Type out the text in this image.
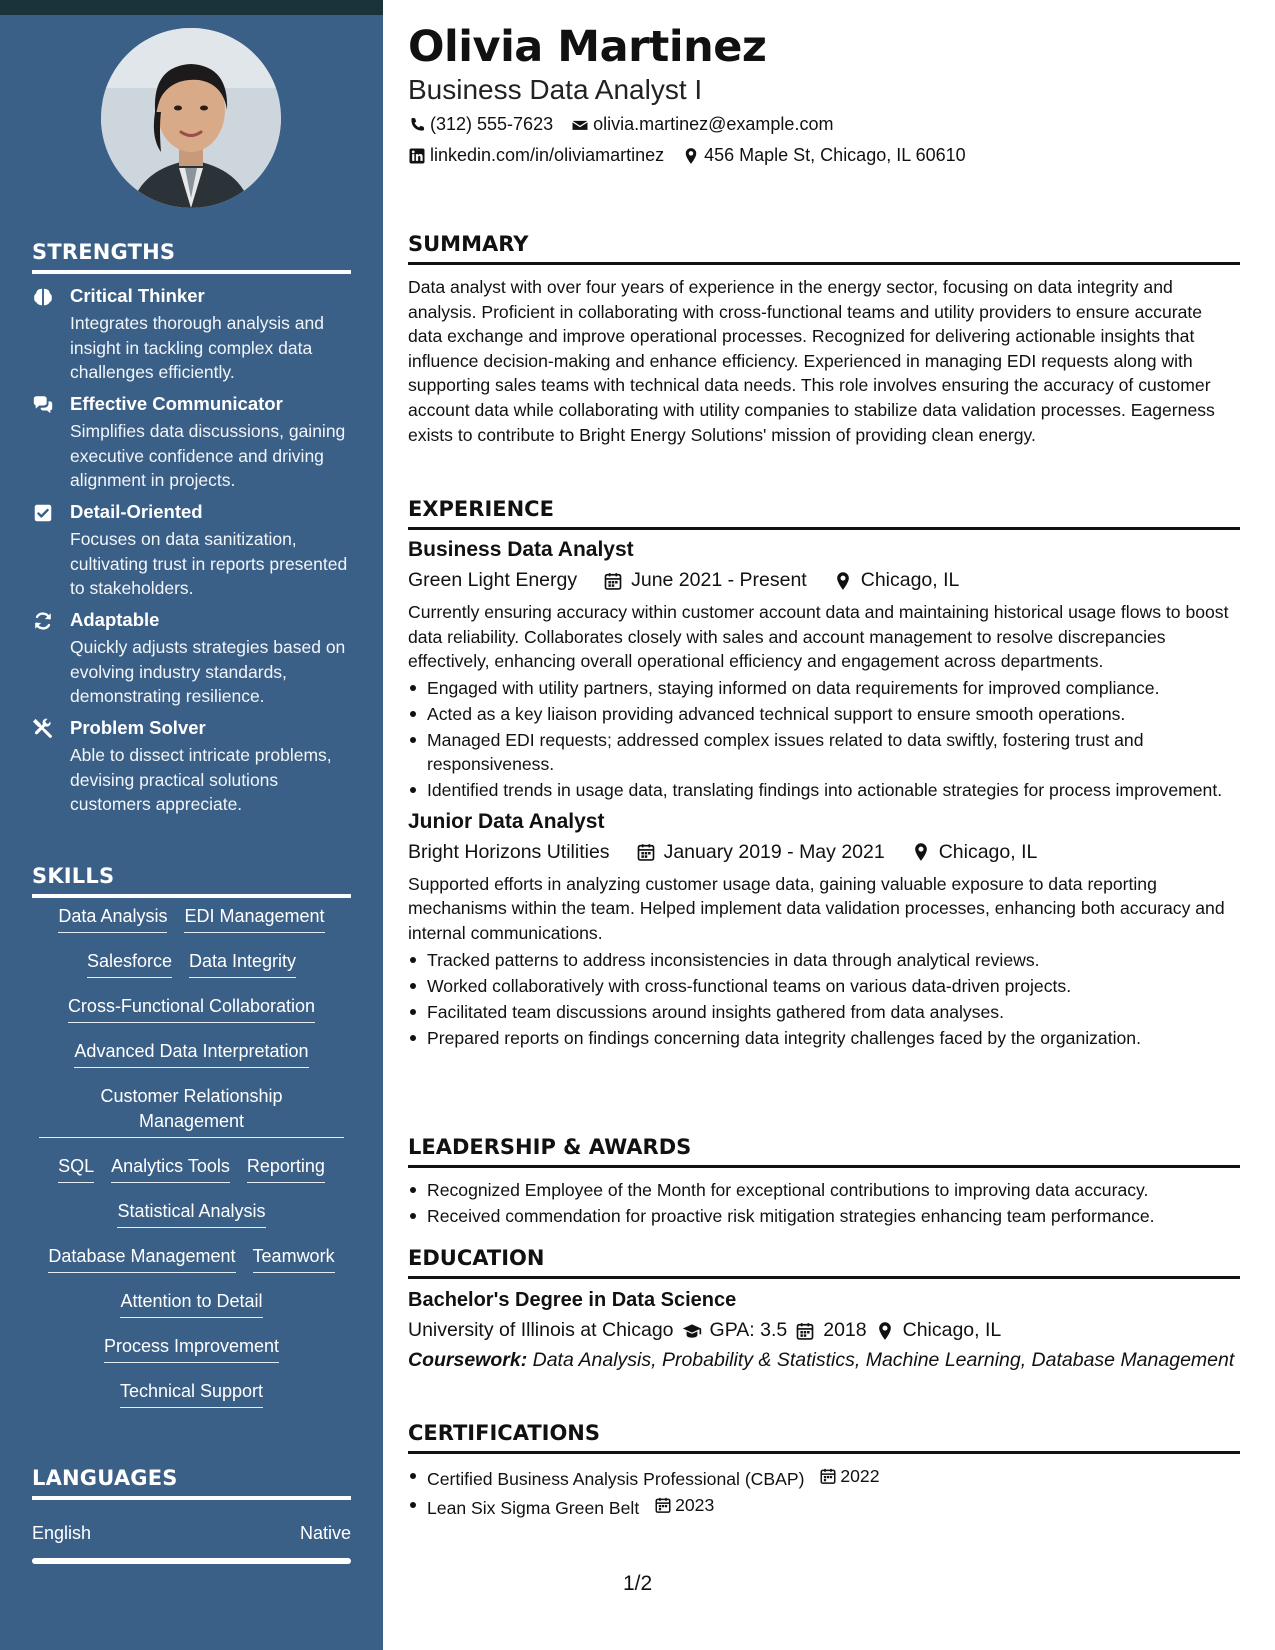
STRENGTHS
Critical Thinker
Integrates thorough analysis and insight in tackling complex data challenges efficiently.
Effective Communicator
Simplifies data discussions, gaining executive confidence and driving alignment in projects.
Detail-Oriented
Focuses on data sanitization, cultivating trust in reports presented to stakeholders.
Adaptable
Quickly adjusts strategies based on evolving industry standards, demonstrating resilience.
Problem Solver
Able to dissect intricate problems, devising practical solutions customers appreciate.
SKILLS
Data Analysis EDI Management
Salesforce Data Integrity
Cross-Functional Collaboration
Advanced Data Interpretation
Customer Relationship Management
SQL Analytics Tools Reporting
Statistical Analysis
Database Management Teamwork
Attention to Detail
Process Improvement
Technical Support
LANGUAGES
English	Native
Olivia Martinez
Business Data Analyst I
(312) 555-7623 olivia.martinez@example.com
linkedin.com/in/oliviamartinez 456 Maple St, Chicago, IL 60610
SUMMARY
Data analyst with over four years of experience in the energy sector, focusing on data integrity and analysis. Proficient in collaborating with cross-functional teams and utility providers to ensure accurate data exchange and improve operational processes. Recognized for delivering actionable insights that influence decision-making and enhance efficiency. Experienced in managing EDI requests along with supporting sales teams with technical data needs. This role involves ensuring the accuracy of customer account data while collaborating with utility companies to stabilize data validation processes. Eagerness exists to contribute to Bright Energy Solutions' mission of providing clean energy.
EXPERIENCE
Business Data Analyst
Green Light Energy	June 2021 - Present	Chicago, IL
Currently ensuring accuracy within customer account data and maintaining historical usage flows to boost data reliability. Collaborates closely with sales and account management to resolve discrepancies effectively, enhancing overall operational efficiency and engagement across departments.
Engaged with utility partners, staying informed on data requirements for improved compliance.
Acted as a key liaison providing advanced technical support to ensure smooth operations.
Managed EDI requests; addressed complex issues related to data swiftly, fostering trust and responsiveness.
Identified trends in usage data, translating findings into actionable strategies for process improvement.
Junior Data Analyst
Bright Horizons Utilities	January 2019 - May 2021	Chicago, IL
Supported efforts in analyzing customer usage data, gaining valuable exposure to data reporting mechanisms within the team. Helped implement data validation processes, enhancing both accuracy and internal communications.
Tracked patterns to address inconsistencies in data through analytical reviews.
Worked collaboratively with cross-functional teams on various data-driven projects.
Facilitated team discussions around insights gathered from data analyses.
Prepared reports on findings concerning data integrity challenges faced by the organization.
LEADERSHIP & AWARDS
Recognized Employee of the Month for exceptional contributions to improving data accuracy.
Received commendation for proactive risk mitigation strategies enhancing team performance.
EDUCATION
Bachelor's Degree in Data Science
University of Illinois at Chicago GPA: 3.5 2018 Chicago, IL
Coursework: Data Analysis, Probability & Statistics, Machine Learning, Database Management
CERTIFICATIONS
Certified Business Analysis Professional (CBAP) 2022
Lean Six Sigma Green Belt 2023
1/2
